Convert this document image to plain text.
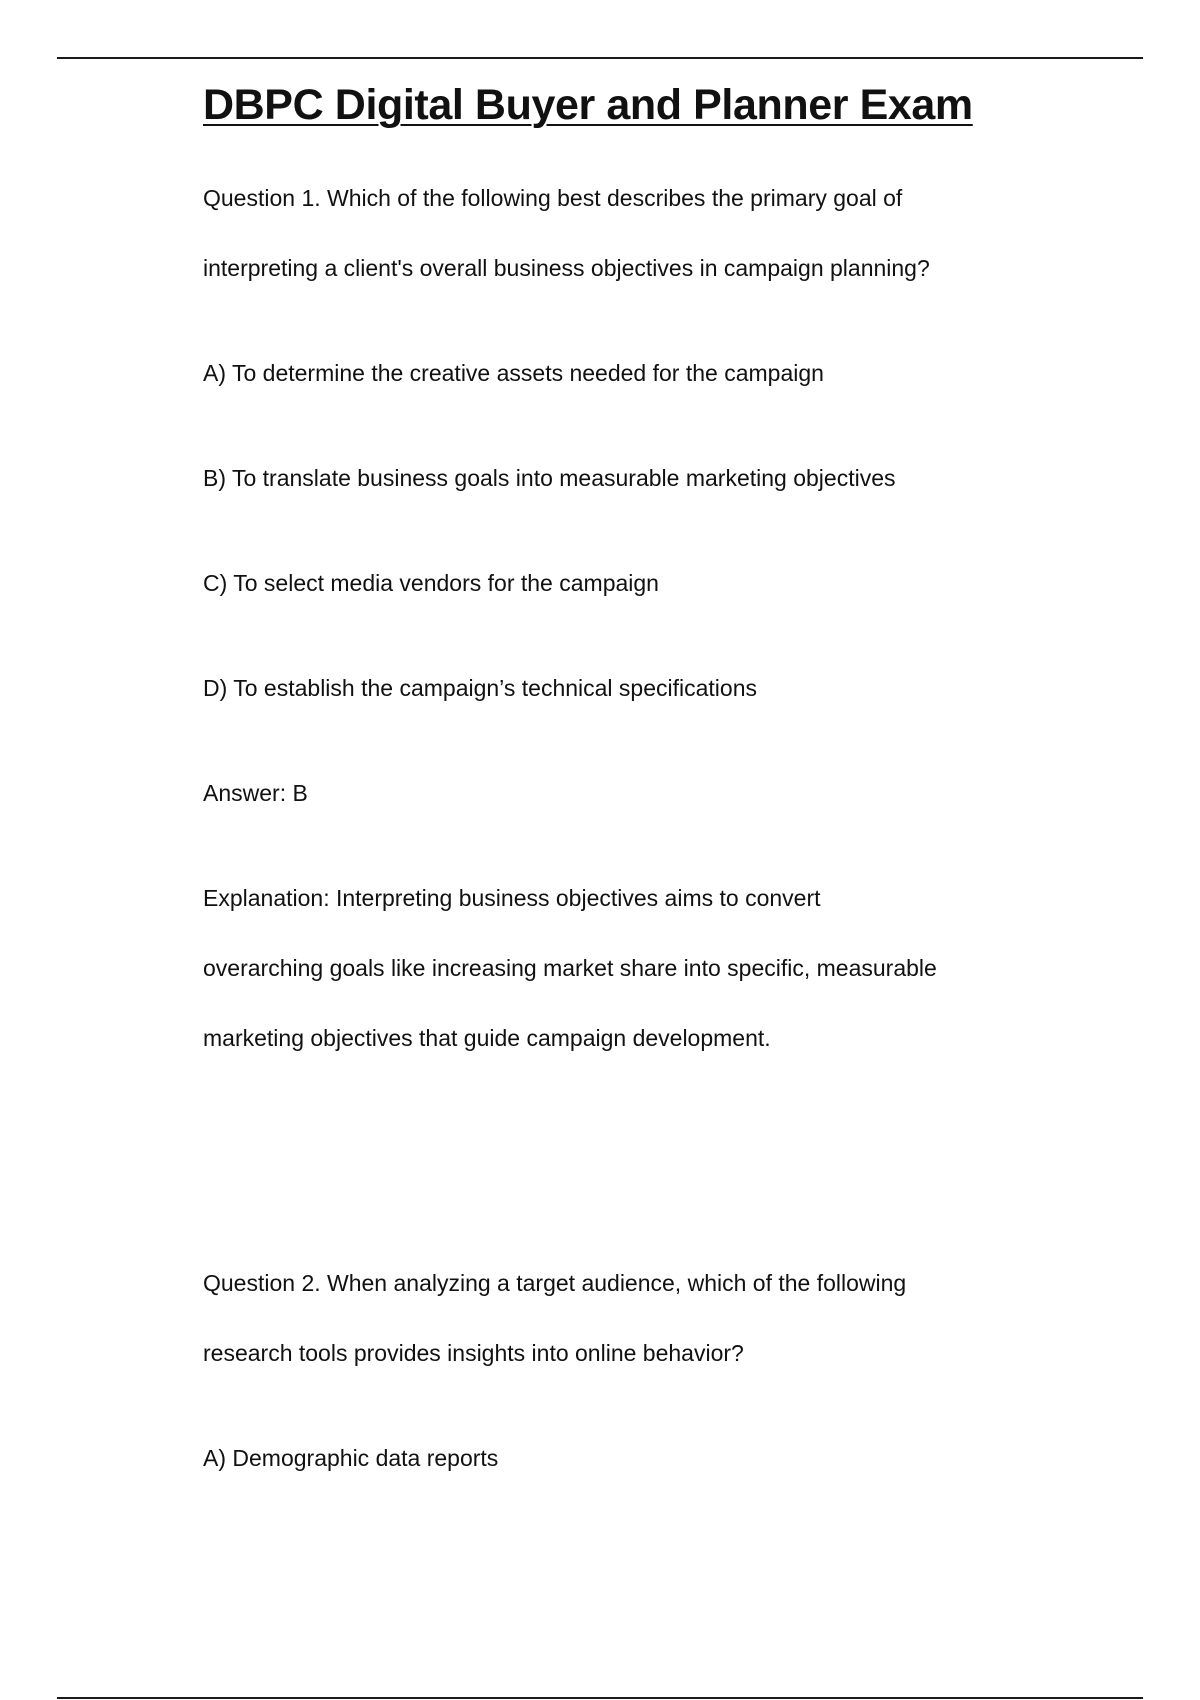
DBPC Digital Buyer and Planner Exam
Question 1. Which of the following best describes the primary goal of
interpreting a client's overall business objectives in campaign planning?
A) To determine the creative assets needed for the campaign
B) To translate business goals into measurable marketing objectives
C) To select media vendors for the campaign
D) To establish the campaign’s technical specifications
Answer: B
Explanation: Interpreting business objectives aims to convert
overarching goals like increasing market share into specific, measurable
marketing objectives that guide campaign development.
Question 2. When analyzing a target audience, which of the following
research tools provides insights into online behavior?
A) Demographic data reports
